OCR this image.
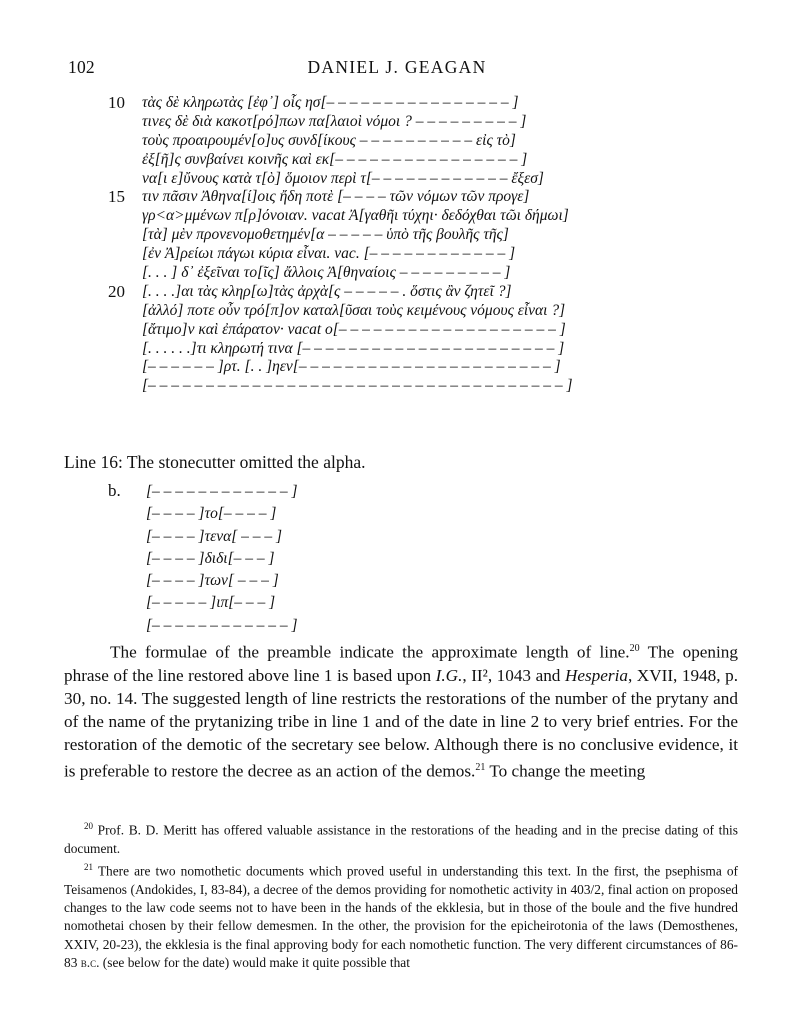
102	DANIEL J. GEAGAN
10	τὰς δὲ κληρωτὰς [ἐφ᾽] οἷς ησ[– – – – – – – – – – – – – – – – ]
τινες δὲ διὰ κακοτ[ρό]πων πα[λαιοὶ νόμοι ? – – – – – – – – – ]
τοὺς προαιρουμέν[ο]υς συνδ[ίκους – – – – – – – – – – εἰς τὸ]
ἐξ[ῆ]ς συνβαίνει κοινῆς καὶ εκ[– – – – – – – – – – – – – – – – ]
να[ι ε]ὔνους κατὰ τ[ὸ] ὅμοιον περὶ τ[– – – – – – – – – – – – ἔξεσ]
15	τιν πᾶσιν Ἀθηνα[ί]οις ἤδη ποτὲ [– – – – τῶν νόμων τῶν προγε]
γρ<α>μμένων π[ρ]όνοιαν. vacat Ἀ[γαθῆι τύχηι· δεδόχθαι τῶι δήμωι]
[τὰ] μὲν προνενομοθετημέν[α – – – – – ὑπὸ τῆς βουλῆς τῆς]
[ἐν Ἀ]ρείωι πάγωι κύρια εἶναι. vac. [– – – – – – – – – – – – ]
[. . . ] δ᾽ ἐξεῖναι το[ῖς] ἄλλοις Ἀ[θηναίοις – – – – – – – – – ]
20	[. . . .]αι τὰς κληρ[ω]τὰς ἀρχὰ[ς – – – – – . ὅστις ἂν ζητεῖ ?]
[ἀλλό] ποτε οὖν τρό[π]ον καταλ[ῦσαι τοὺς κειμένους νόμους εἶναι ?]
[ἄτιμο]ν καὶ ἐπάρατον· vacat ο[– – – – – – – – – – – – – – – – – – – ]
[. . . . . .]τι κληρωτή τινα [– – – – – – – – – – – – – – – – – – – – – – ]
[– – – – – – ]ρτ. [. . ]ηεν[– – – – – – – – – – – – – – – – – – – – – – ]
[– – – – – – – – – – – – – – – – – – – – – – – – – – – – – – – – – – – – ]
Line 16: The stonecutter omitted the alpha.
b. [– – – – – – – – – – – – ]
[– – – – ]το[– – – – ]
[– – – – ]τενα[ – – – ]
[– – – – ]διδι[– – – ]
[– – – – ]των[ – – – ]
[– – – – – ]ιπ[– – – ]
[– – – – – – – – – – – – ]

The formulae of the preamble indicate the approximate length of line.$^{20}$ The opening phrase of the line restored above line 1 is based upon I.G., II², 1043 and Hesperia, XVII, 1948, p. 30, no. 14. The suggested length of line restricts the restorations of the number of the prytany and of the name of the prytanizing tribe in line 1 and of the date in line 2 to very brief entries. For the restoration of the demotic of the secretary see below. Although there is no conclusive evidence, it is preferable to restore the decree as an action of the demos.$^{21}$ To change the meeting

$^{20}$ Prof. B. D. Meritt has offered valuable assistance in the restorations of the heading and in the precise dating of this document.

$^{21}$ There are two nomothetic documents which proved useful in understanding this text. In the first, the psephisma of Teisamenos (Andokides, I, 83-84), a decree of the demos providing for nomothetic activity in 403/2, final action on proposed changes to the law code seems not to have been in the hands of the ekklesia, but in those of the boule and the five hundred nomothetai chosen by their fellow demesmen. In the other, the provision for the epicheirotonia of the laws (Demosthenes, XXIV, 20-23), the ekklesia is the final approving body for each nomothetic function. The very different circumstances of 86-83 b.c. (see below for the date) would make it quite possible that
